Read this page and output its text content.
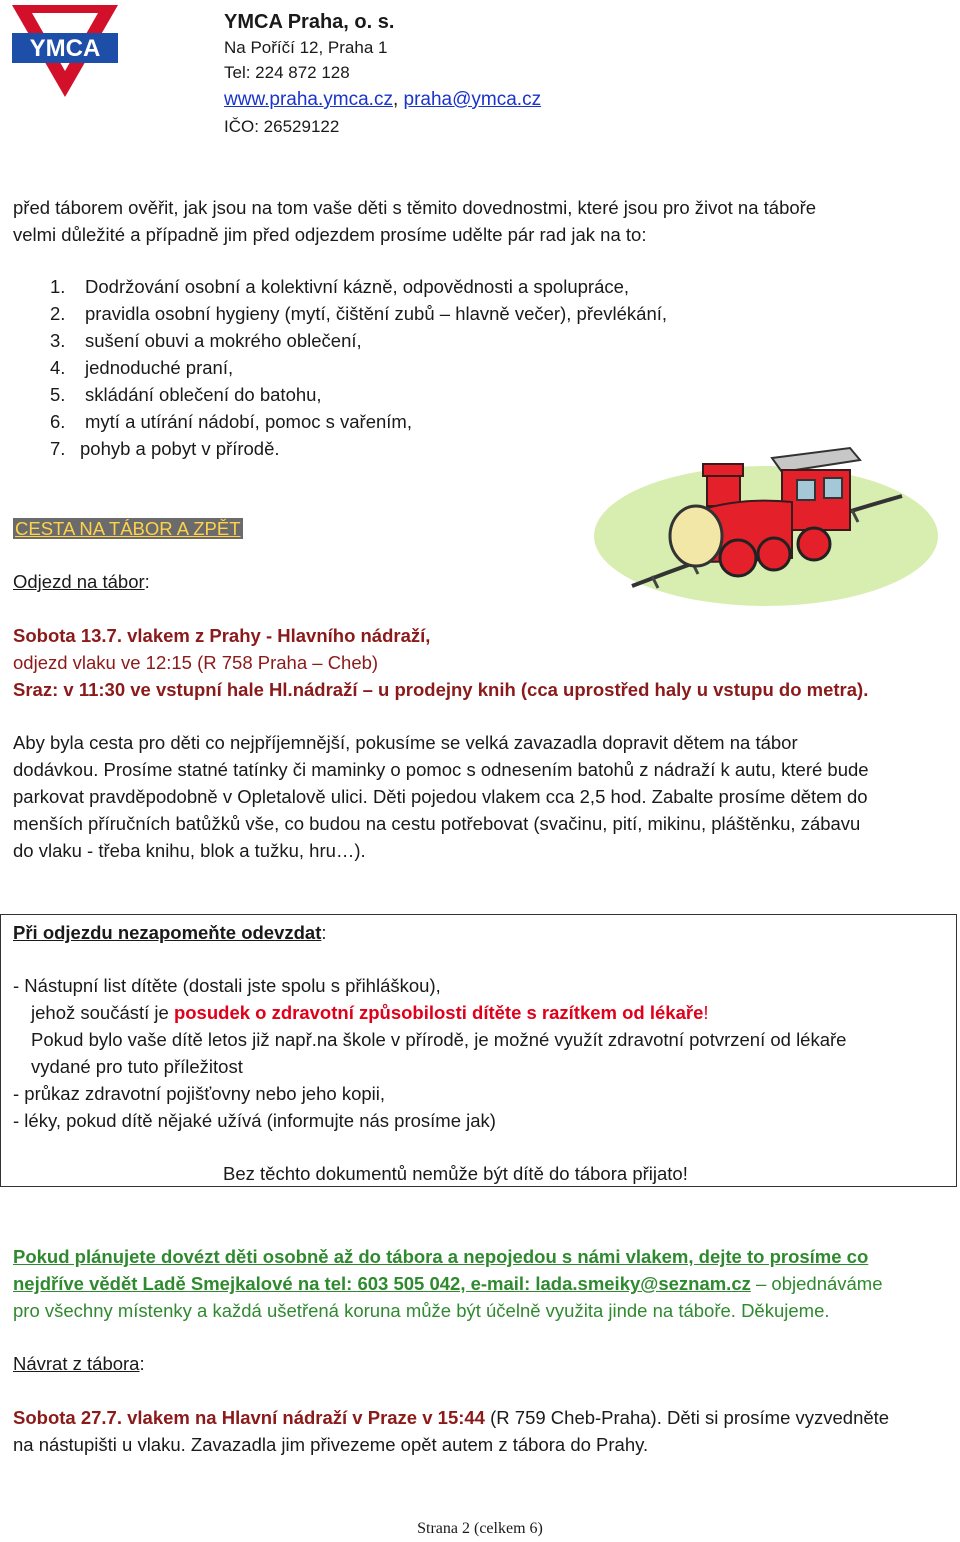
YMCA
YMCA Praha, o. s.
Na Poříčí 12, Praha 1
Tel: 224 872 128
www.praha.ymca.cz, praha@ymca.cz
IČO: 26529122
před táborem ověřit, jak jsou na tom vaše děti s těmito dovednostmi, které jsou pro život na táboře
velmi důležité a případně jim před odjezdem prosíme udělte pár rad jak na to:
1. Dodržování osobní a kolektivní kázně, odpovědnosti a spolupráce,
2. pravidla osobní hygieny (mytí, čištění zubů – hlavně večer), převlékání,
3. sušení obuvi a mokrého oblečení,
4. jednoduché praní,
5. skládání oblečení do batohu,
6. mytí a utírání nádobí, pomoc s vařením,
7. pohyb a pobyt v přírodě.
CESTA NA TÁBOR A ZPĚT
Odjezd na tábor:
Sobota 13.7. vlakem z Prahy - Hlavního nádraží,
odjezd vlaku ve 12:15 (R 758 Praha – Cheb)
Sraz: v 11:30 ve vstupní hale Hl.nádraží – u prodejny knih (cca uprostřed haly u vstupu do metra).
Aby byla cesta pro děti co nejpříjemnější, pokusíme se velká zavazadla dopravit dětem na tábor
dodávkou. Prosíme statné tatínky či maminky o pomoc s odnesením batohů z nádraží k autu, které bude
parkovat pravděpodobně v Opletalově ulici. Děti pojedou vlakem cca 2,5 hod. Zabalte prosíme dětem do
menších příručních batůžků vše, co budou na cestu potřebovat (svačinu, pití, mikinu, pláštěnku, zábavu
do vlaku - třeba knihu, blok a tužku, hru…).
Při odjezdu nezapomeňte odevzdat:
- Nástupní list dítěte (dostali jste spolu s přihláškou),
jehož součástí je posudek o zdravotní způsobilosti dítěte s razítkem od lékaře!
Pokud bylo vaše dítě letos již např.na škole v přírodě, je možné využít zdravotní potvrzení od lékaře
vydané pro tuto příležitost
- průkaz zdravotní pojišťovny nebo jeho kopii,
- léky, pokud dítě nějaké užívá (informujte nás prosíme jak)
Bez těchto dokumentů nemůže být dítě do tábora přijato!
Pokud plánujete dovézt děti osobně až do tábora a nepojedou s námi vlakem, dejte to prosíme co
nejdříve vědět Ladě Smejkalové na tel: 603 505 042, e-mail: lada.smeiky@seznam.cz – objednáváme
pro všechny místenky a každá ušetřená koruna může být účelně využita jinde na táboře. Děkujeme.
Návrat z tábora:
Sobota 27.7. vlakem na Hlavní nádraží v Praze v 15:44 (R 759 Cheb-Praha). Děti si prosíme vyzvedněte
na nástupišti u vlaku. Zavazadla jim přivezeme opět autem z tábora do Prahy.
Strana 2 (celkem 6)
